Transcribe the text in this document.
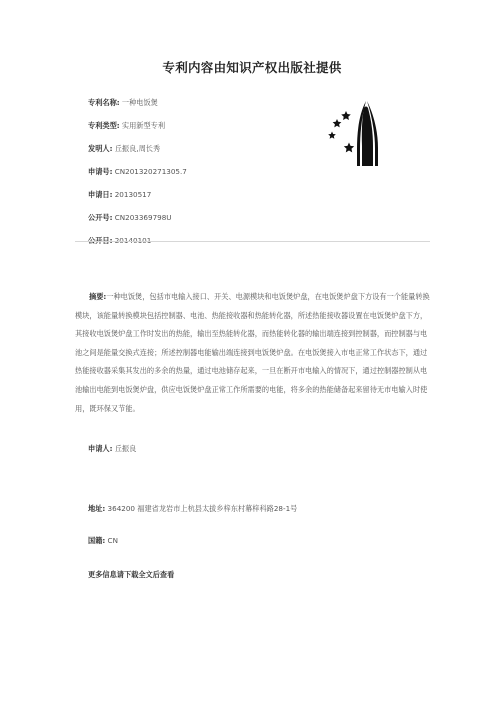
专利内容由知识产权出版社提供
专利名称: 一种电饭煲
专利类型: 实用新型专利
发明人: 丘振良,周长秀
申请号: CN201320271305.7
申请日: 20130517
公开号: CN203369798U
公开日: 20140101
摘要:一种电饭煲，包括市电输入接口、开关、电源模块和电饭煲炉盘，在电饭煲炉盘下方设有一个能量转换模块，该能量转换模块包括控制器、电池、热能接收器和热能转化器，所述热能接收器设置在电饭煲炉盘下方，其接收电饭煲炉盘工作时发出的热能，输出至热能转化器，而热能转化器的输出端连接到控制器，而控制器与电池之间是能量交换式连接；所述控制器电能输出端连接到电饭煲炉盘。在电饭煲接入市电正常工作状态下，通过热能接收器采集其发出的多余的热量，通过电池储存起来，一旦在断开市电输入的情况下，通过控制器控制从电池输出电能到电饭煲炉盘，供应电饭煲炉盘正常工作所需要的电能，将多余的热能储备起来留待无市电输入时使用，既环保又节能。
申请人: 丘振良
地址: 364200 福建省龙岩市上杭县太拔乡梓东村幕梓科路28-1号
国籍: CN
更多信息请下载全文后查看
